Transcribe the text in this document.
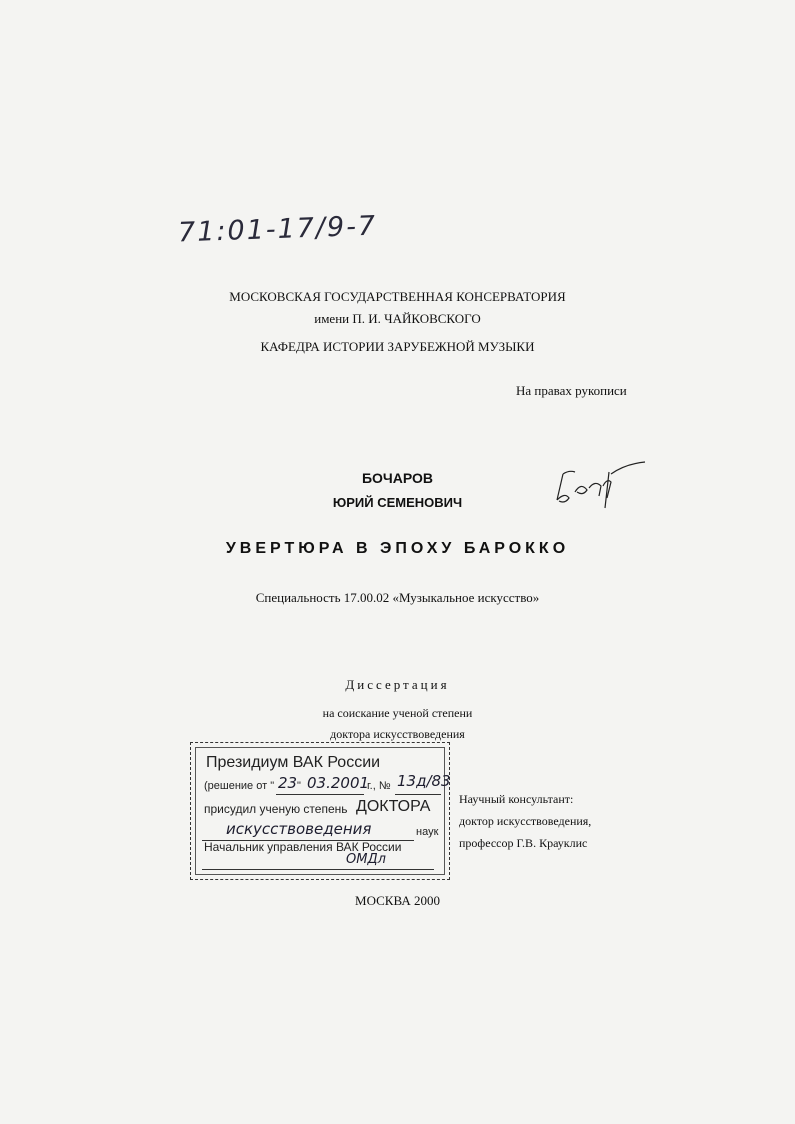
71:01-17/9-7
МОСКОВСКАЯ ГОСУДАРСТВЕННАЯ КОНСЕРВАТОРИЯ
имени П. И. ЧАЙКОВСКОГО
КАФЕДРА ИСТОРИИ ЗАРУБЕЖНОЙ МУЗЫКИ
На правах рукописи
БОЧАРОВ
ЮРИЙ СЕМЕНОВИЧ
УВЕРТЮРА В ЭПОХУ БАРОККО
Специальность 17.00.02 «Музыкальное искусство»
Диссертация
на соискание ученой степени
доктора искусствоведения
Научный консультант:
доктор искусствоведения,
профессор Г.В. Крауклис
Президиум ВАК России
(решение от " 23 " 03.2001
г., № 13д/83
присудил ученую степень ДОКТОРА
искусствоведения	наук
Начальник управления ВАК России
ОМДл
МОСКВА 2000
